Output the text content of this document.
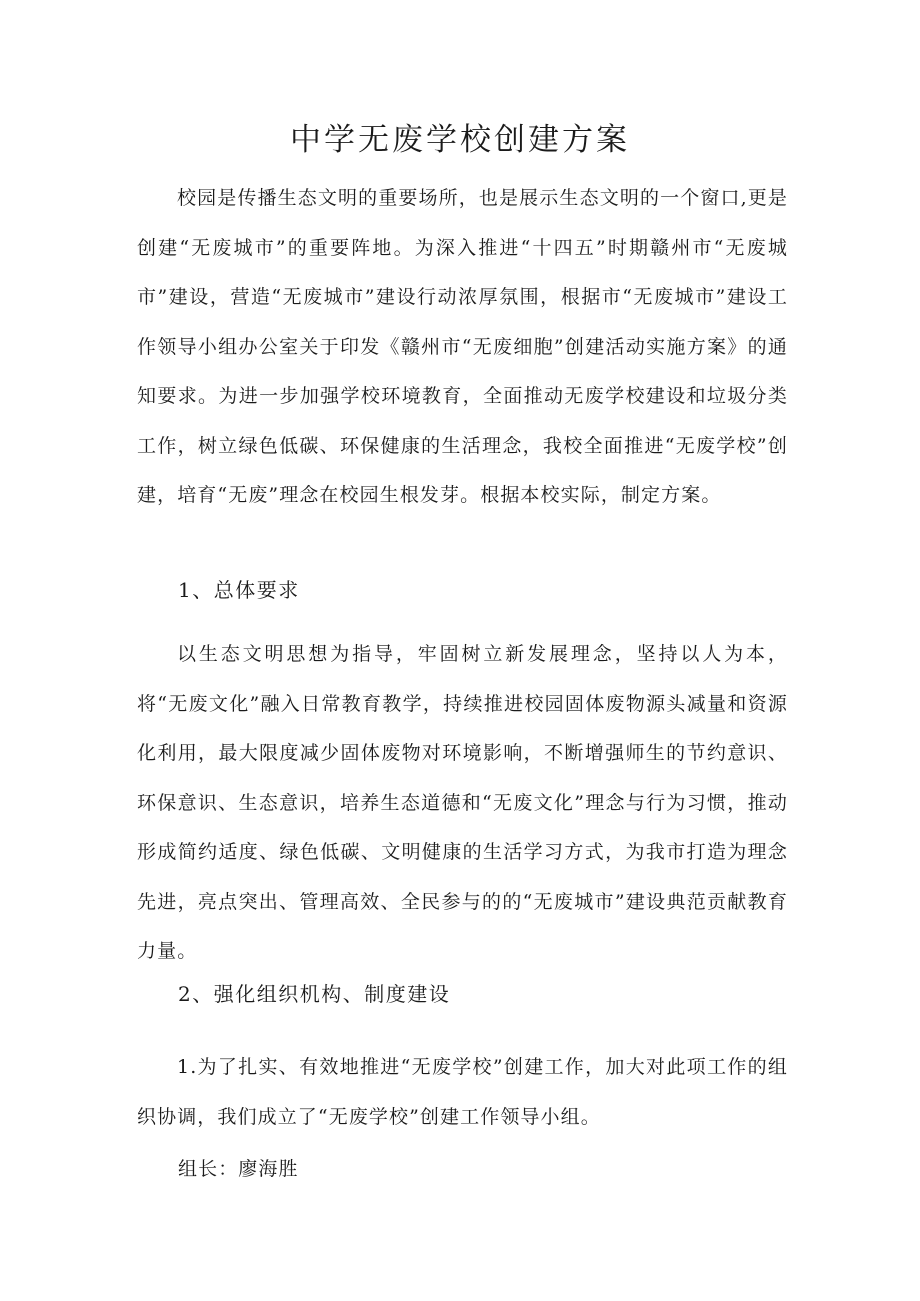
中学无废学校创建方案

校园是传播生态文明的重要场所，也是展示生态文明的一个窗口,更是创建“无废城市”的重要阵地。为深入推进“十四五”时期赣州市“无废城市”建设，营造“无废城市”建设行动浓厚氛围，根据市“无废城市”建设工作领导小组办公室关于印发《赣州市“无废细胞”创建活动实施方案》的通知要求。为进一步加强学校环境教育，全面推动无废学校建设和垃圾分类工作，树立绿色低碳、环保健康的生活理念，我校全面推进“无废学校”创建，培育“无废”理念在校园生根发芽。根据本校实际，制定方案。

1、总体要求

以生态文明思想为指导，牢固树立新发展理念，坚持以人为本，将“无废文化”融入日常教育教学，持续推进校园固体废物源头减量和资源化利用，最大限度减少固体废物对环境影响，不断增强师生的节约意识、环保意识、生态意识，培养生态道德和“无废文化”理念与行为习惯，推动形成简约适度、绿色低碳、文明健康的生活学习方式，为我市打造为理念先进，亮点突出、管理高效、全民参与的的“无废城市”建设典范贡献教育力量。

2、强化组织机构、制度建设

1.为了扎实、有效地推进“无废学校”创建工作，加大对此项工作的组织协调，我们成立了“无废学校”创建工作领导小组。

组长：廖海胜
